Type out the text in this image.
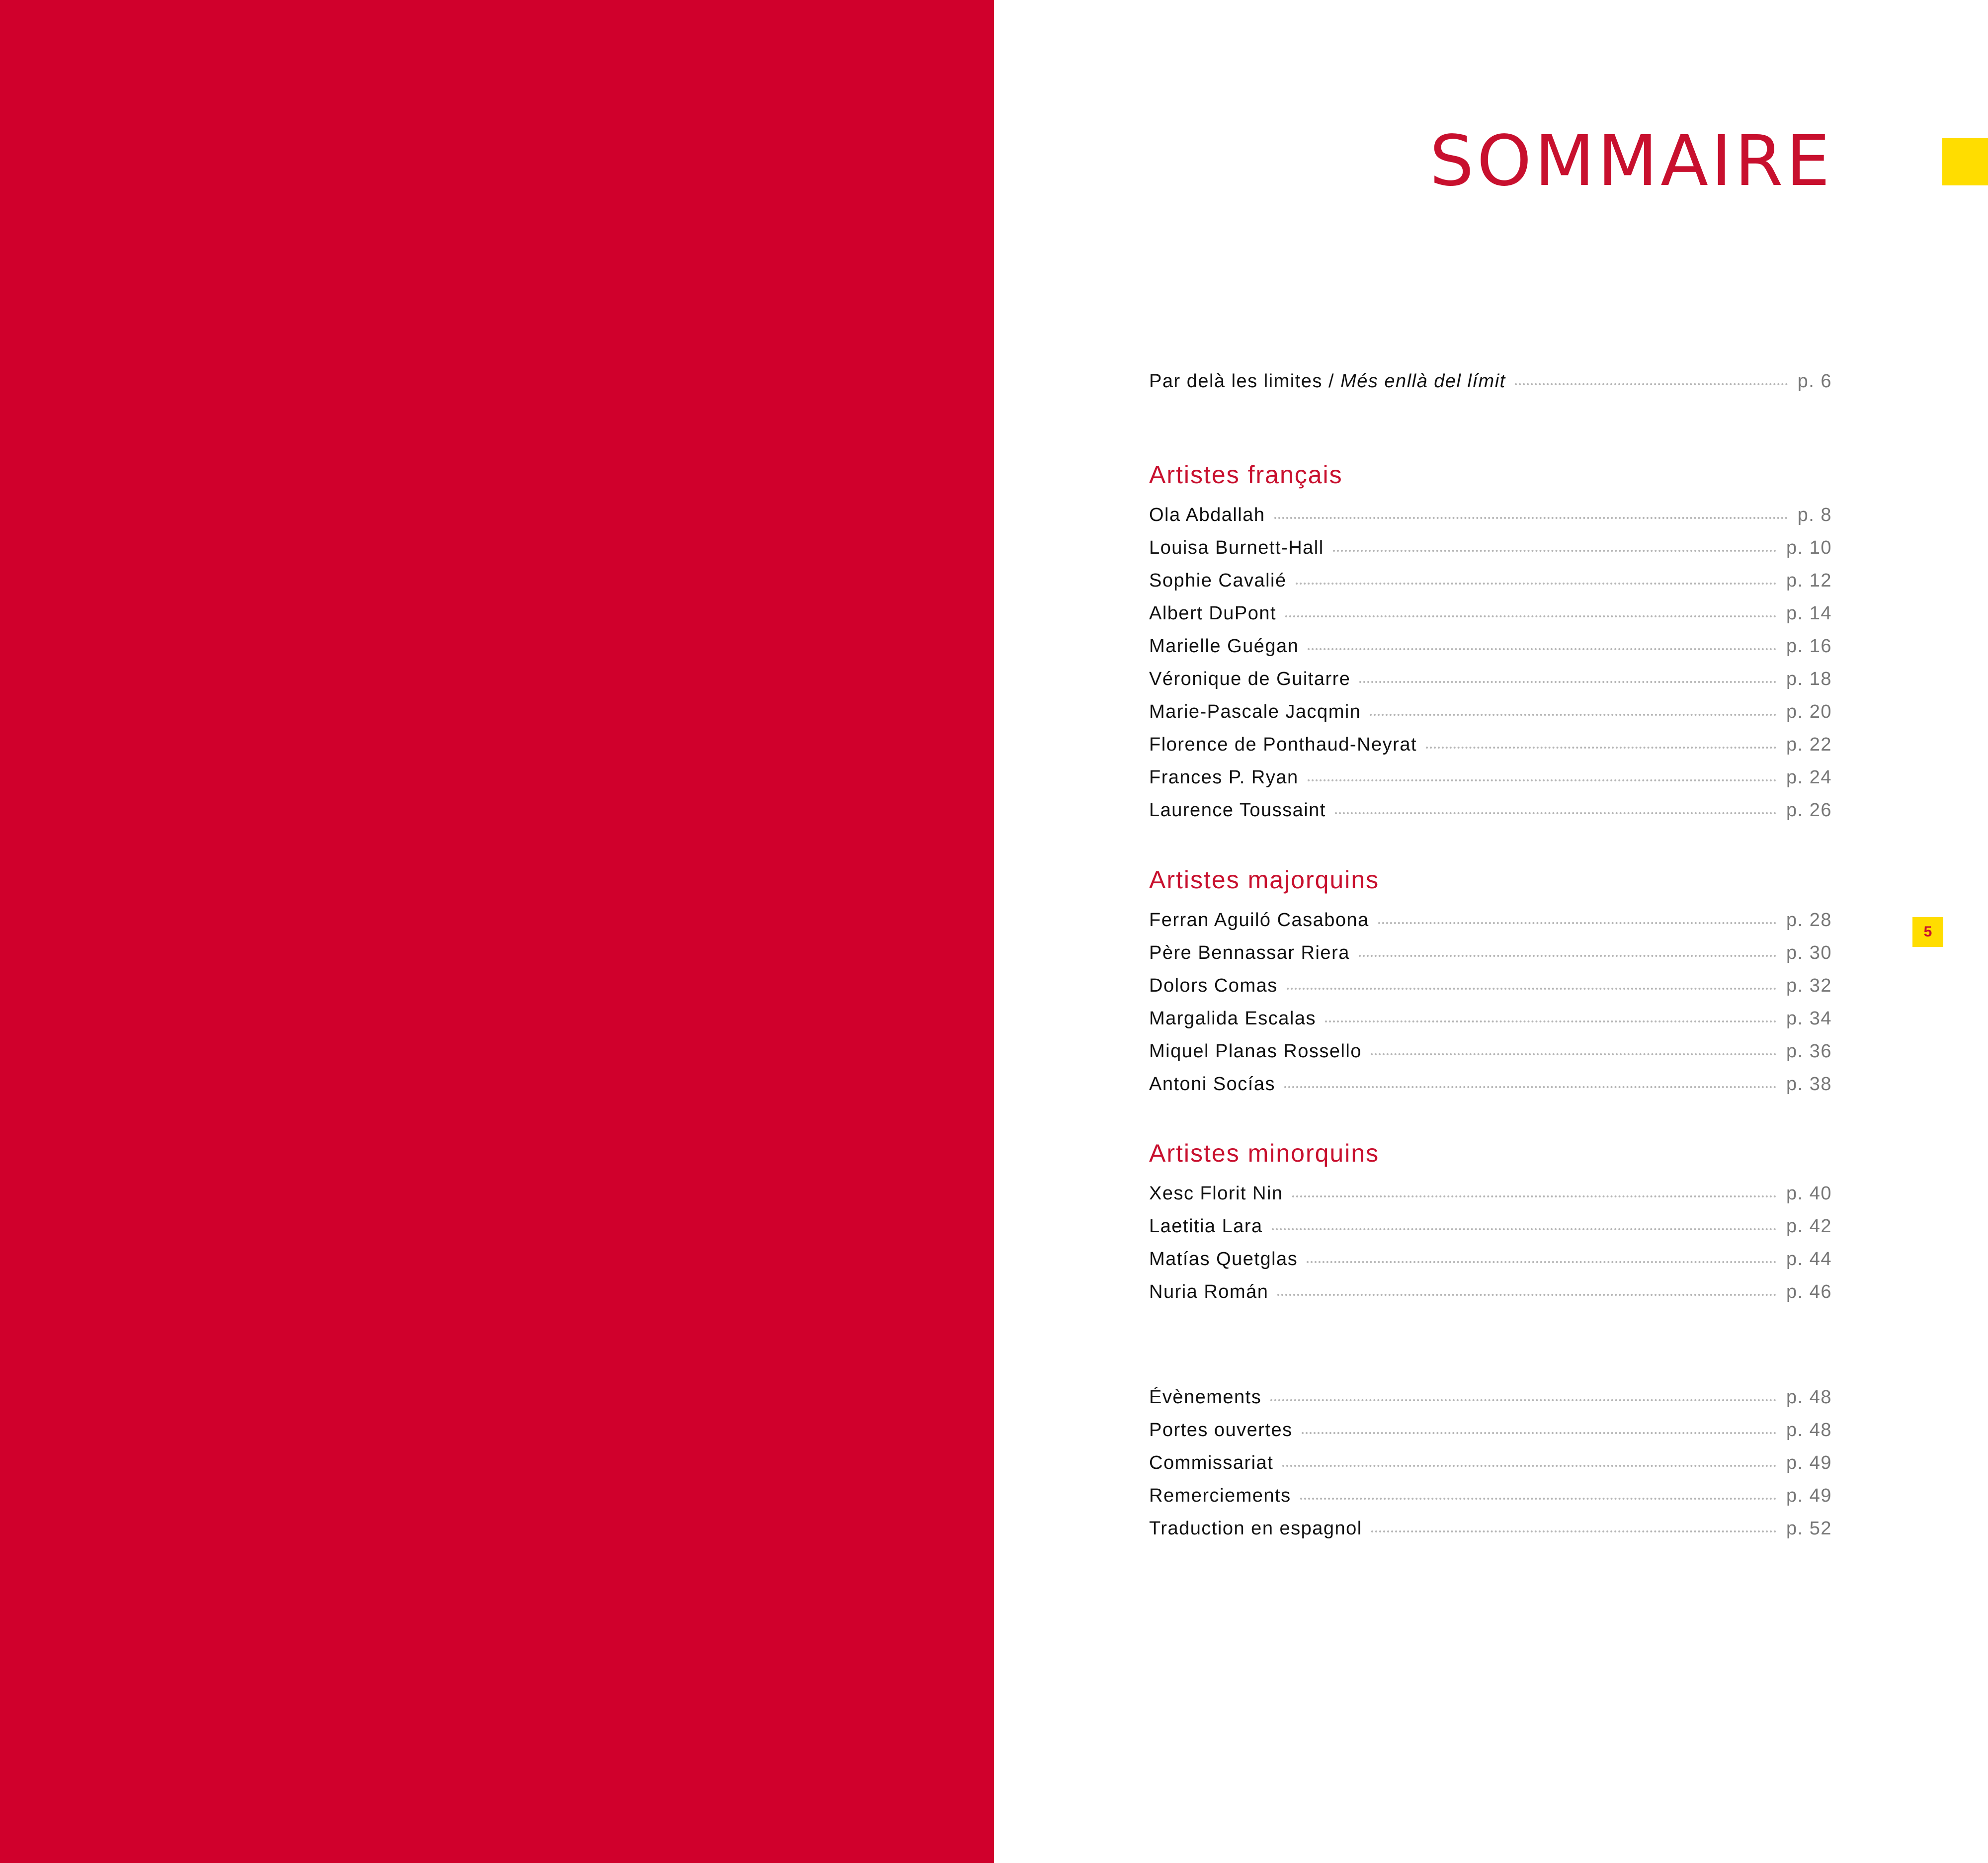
SOMMAIRE
Par delà les limites / Més enllà del límit	p. 6
Artistes français
Ola Abdallah	p. 8
Louisa Burnett-Hall	p. 10
Sophie Cavalié	p. 12
Albert DuPont	p. 14
Marielle Guégan	p. 16
Véronique de Guitarre	p. 18
Marie-Pascale Jacqmin	p. 20
Florence de Ponthaud-Neyrat	p. 22
Frances P. Ryan	p. 24
Laurence Toussaint	p. 26
Artistes majorquins
Ferran Aguiló Casabona	p. 28
Père Bennassar Riera	p. 30
Dolors Comas	p. 32
Margalida Escalas	p. 34
Miquel Planas Rossello	p. 36
Antoni Socías	p. 38
Artistes minorquins
Xesc Florit Nin	p. 40
Laetitia Lara	p. 42
Matías Quetglas	p. 44
Nuria Román	p. 46
Évènements	p. 48
Portes ouvertes	p. 48
Commissariat	p. 49
Remerciements	p. 49
Traduction en espagnol	p. 52
5
